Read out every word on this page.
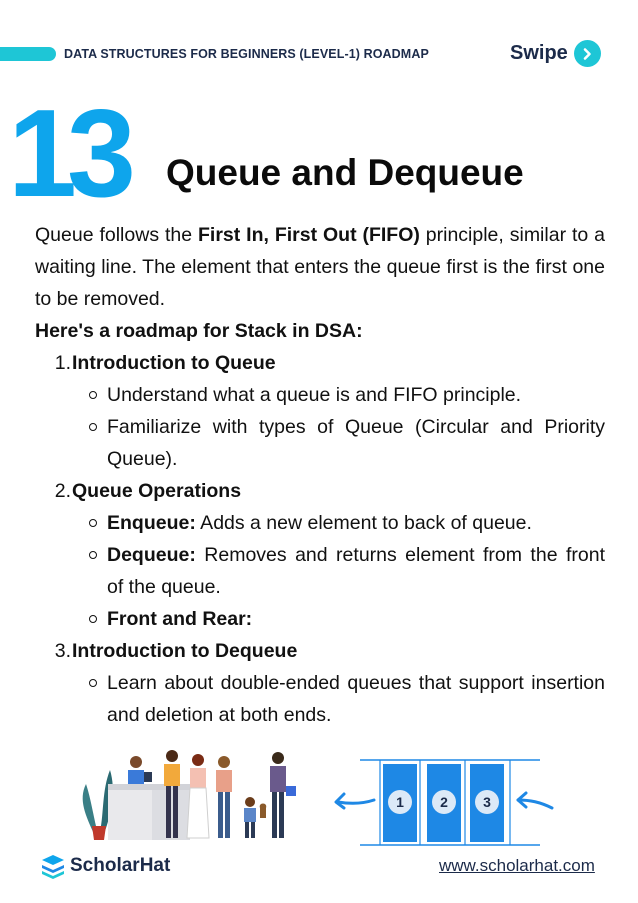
DATA STRUCTURES FOR BEGINNERS (LEVEL-1) ROADMAP	Swipe
13 Queue and Dequeue

Queue follows the First In, First Out (FIFO) principle, similar to a waiting line. The element that enters the queue first is the first one to be removed.

Here's a roadmap for Stack in DSA:

1. Introduction to Queue
Understand what a queue is and FIFO principle.
Familiarize with types of Queue (Circular and Priority Queue).
2. Queue Operations
Enqueue: Adds a new element to back of queue.
Dequeue: Removes and returns element from the front of the queue.
Front and Rear:
3. Introduction to Dequeue
Learn about double-ended queues that support insertion and deletion at both ends.
1	2	3
ScholarHat	www.scholarhat.com
